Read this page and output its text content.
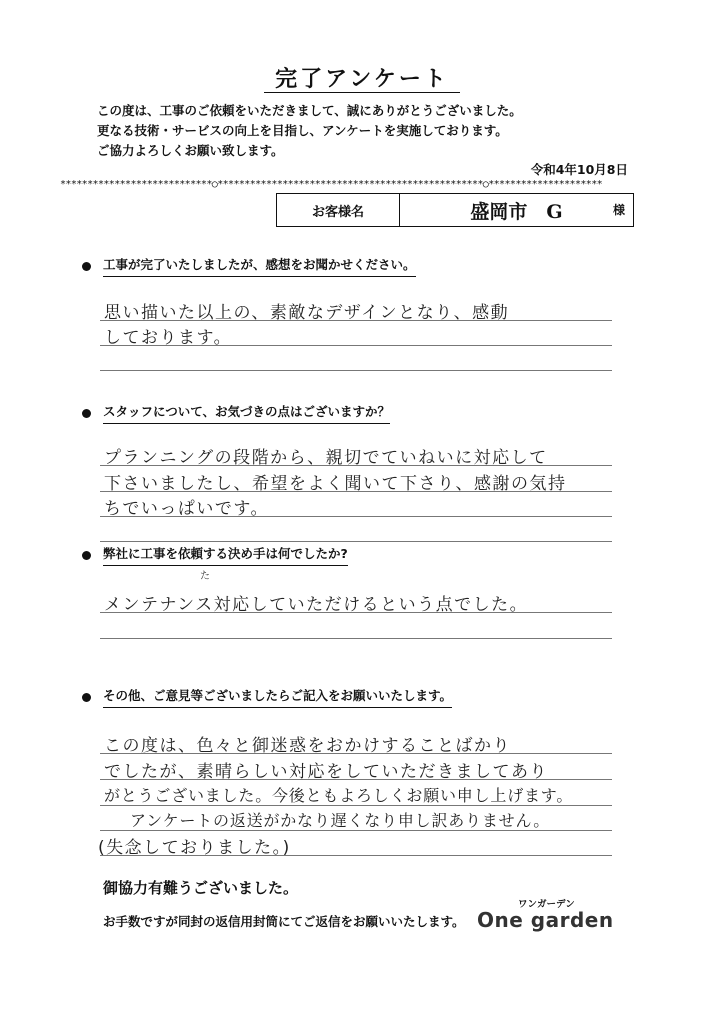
完了アンケート
この度は、工事のご依頼をいただきまして、誠にありがとうございました。
更なる技術・サービスの向上を目指し、アンケートを実施しております。
ご協力よろしくお願い致します。
令和4年10月8日
****************************○*************************************************○*********************
お客様名	盛岡市　G	様
工事が完了いたしましたが、感想をお聞かせください。
思い描いた以上の、素敵なデザインとなり、感動
しております。
スタッフについて、お気づきの点はございますか？
プランニングの段階から、親切でていねいに対応して
下さいましたし、希望をよく聞いて下さり、感謝の気持
ちでいっぱいです。
弊社に工事を依頼する決め手は何でしたか?
た
メンテナンス対応していただけるという点でした。
その他、ご意見等ございましたらご記入をお願いいたします。
この度は、色々と御迷惑をおかけすることばかり
でしたが、素晴らしい対応をしていただきましてあり
がとうございました。今後ともよろしくお願い申し上げます。
アンケートの返送がかなり遅くなり申し訳ありません。
(失念しておりました。)
御協力有難うございました。
お手数ですが同封の返信用封筒にてご返信をお願いいたします。
ワンガーデン
One garden
